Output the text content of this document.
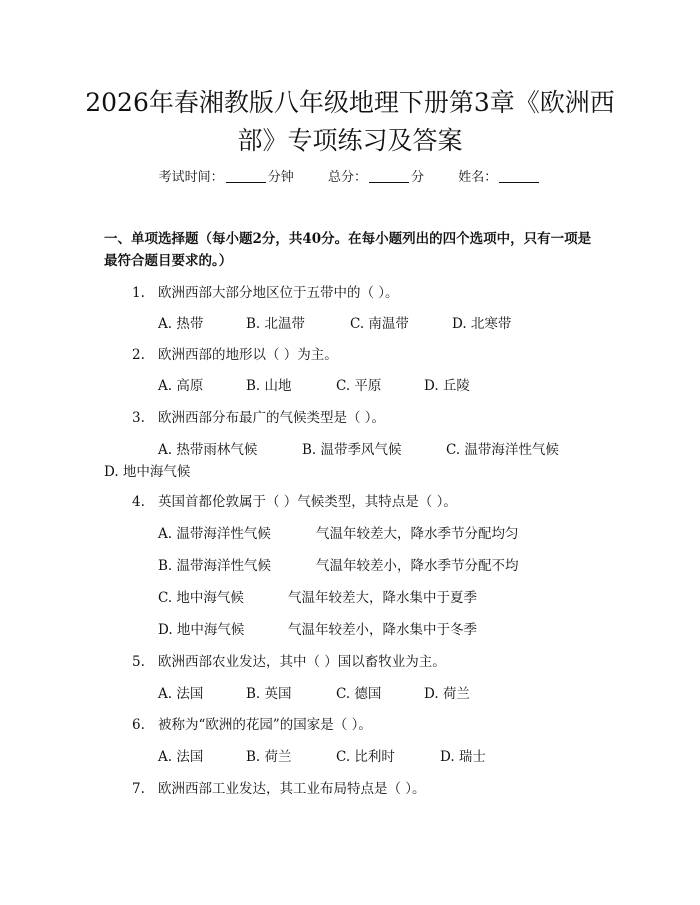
2026年春湘教版八年级地理下册第3章《欧洲西部》专项练习及答案
考试时间：	分钟	总分：	分	姓名：
一、单项选择题（每小题2分，共40分。在每小题列出的四个选项中，只有一项是最符合题目要求的。）
1. 欧洲西部大部分地区位于五带中的（ ）。
A. 热带	B. 北温带	C. 南温带	D. 北寒带
2. 欧洲西部的地形以（ ）为主。
A. 高原	B. 山地	C. 平原	D. 丘陵
3. 欧洲西部分布最广的气候类型是（ ）。
A. 热带雨林气候	B. 温带季风气候	C. 温带海洋性气候
D. 地中海气候
4. 英国首都伦敦属于（ ）气候类型，其特点是（ ）。
A. 温带海洋性气候	气温年较差大，降水季节分配均匀
B. 温带海洋性气候	气温年较差小，降水季节分配不均
C. 地中海气候	气温年较差大，降水集中于夏季
D. 地中海气候	气温年较差小，降水集中于冬季
5. 欧洲西部农业发达，其中（ ）国以畜牧业为主。
A. 法国	B. 英国	C. 德国	D. 荷兰
6. 被称为“欧洲的花园”的国家是（ ）。
A. 法国	B. 荷兰	C. 比利时	D. 瑞士
7. 欧洲西部工业发达，其工业布局特点是（ ）。
